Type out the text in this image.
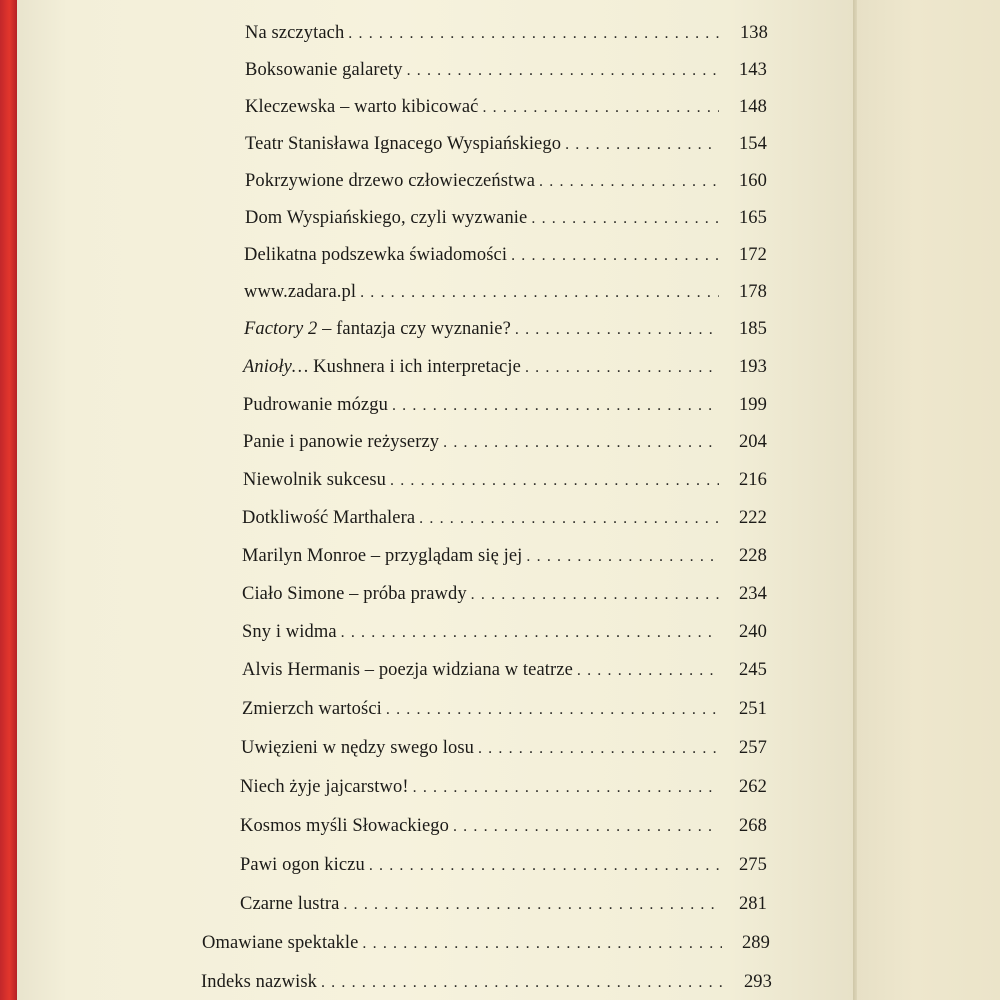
Na szczytach . . .	138
Boksowanie galarety . . .	143
Kleczewska – warto kibicować . . .	148
Teatr Stanisława Ignacego Wyspiańskiego . . .	154
Pokrzywione drzewo człowieczeństwa . . .	160
Dom Wyspiańskiego, czyli wyzwanie . . .	165
Delikatna podszewka świadomości . . .	172
www.zadara.pl . . .	178
Factory 2 – fantazja czy wyznanie? . . .	185
Anioły… Kushnera i ich interpretacje . . .	193
Pudrowanie mózgu . . .	199
Panie i panowie reżyserzy . . .	204
Niewolnik sukcesu . . .	216
Dotkliwość Marthalera . . .	222
Marilyn Monroe – przyglądam się jej . . .	228
Ciało Simone – próba prawdy . . .	234
Sny i widma . . .	240
Alvis Hermanis – poezja widziana w teatrze . . .	245
Zmierzch wartości . . .	251
Uwięzieni w nędzy swego losu . . .	257
Niech żyje jajcarstwo! . . .	262
Kosmos myśli Słowackiego . . .	268
Pawi ogon kiczu . . .	275
Czarne lustra . . .	281
Omawiane spektakle . . .	289
Indeks nazwisk . . .	293
